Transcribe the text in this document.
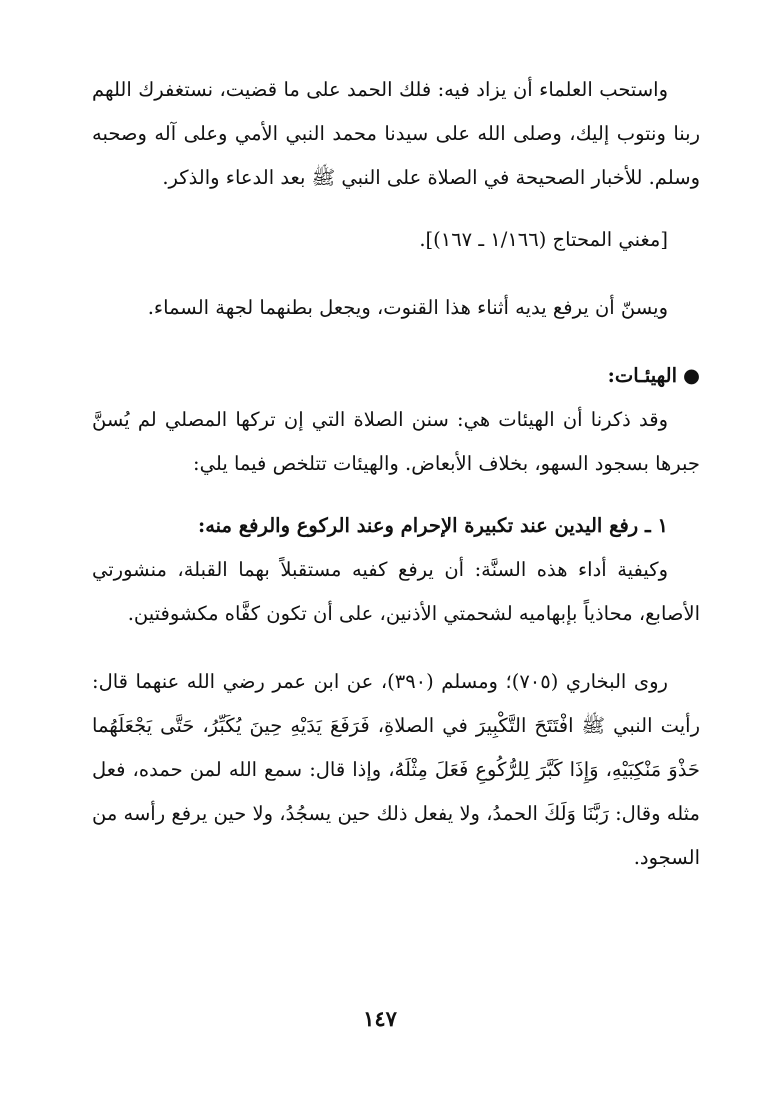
واستحب العلماء أن يزاد فيه: فلك الحمد على ما قضيت، نستغفرك اللهم ربنا ونتوب إليك، وصلى الله على سيدنا محمد النبي الأمي وعلى آله وصحبه وسلم. للأخبار الصحيحة في الصلاة على النبي ﷺ بعد الدعاء والذكر.

[مغني المحتاج (١/١٦٦ ـ ١٦٧)].

ويسنّ أن يرفع يديه أثناء هذا القنوت، ويجعل بطنهما لجهة السماء.

●الهيئـات:

وقد ذكرنا أن الهيئات هي: سنن الصلاة التي إن تركها المصلي لم يُسنَّ جبرها بسجود السهو، بخلاف الأبعاض. والهيئات تتلخص فيما يلي:

١ ـ رفع اليدين عند تكبيرة الإحرام وعند الركوع والرفع منه:

وكيفية أداء هذه السنَّة: أن يرفع كفيه مستقبلاً بهما القبلة، منشورتي الأصابع، محاذياً بإبهاميه لشحمتي الأذنين، على أن تكون كفَّاه مكشوفتين.

روى البخاري (٧٠٥)؛ ومسلم (٣٩٠)، عن ابن عمر رضي الله عنهما قال: رأيت النبي ﷺ افْتَتَحَ التَّكْبِيرَ في الصلاةِ، فَرَفَعَ يَدَيْهِ حِينَ يُكَبِّرُ، حَتَّى يَجْعَلَهُما حَذْوَ مَنْكِبَيْهِ، وَإِذَا كَبَّرَ لِلرُّكُوعِ فَعَلَ مِثْلَهُ، وإذا قال: سمع الله لمن حمده، فعل مثله وقال: رَبَّنَا وَلَكَ الحمدُ، ولا يفعل ذلك حين يسجُدُ، ولا حين يرفع رأسه من السجود.

١٤٧
